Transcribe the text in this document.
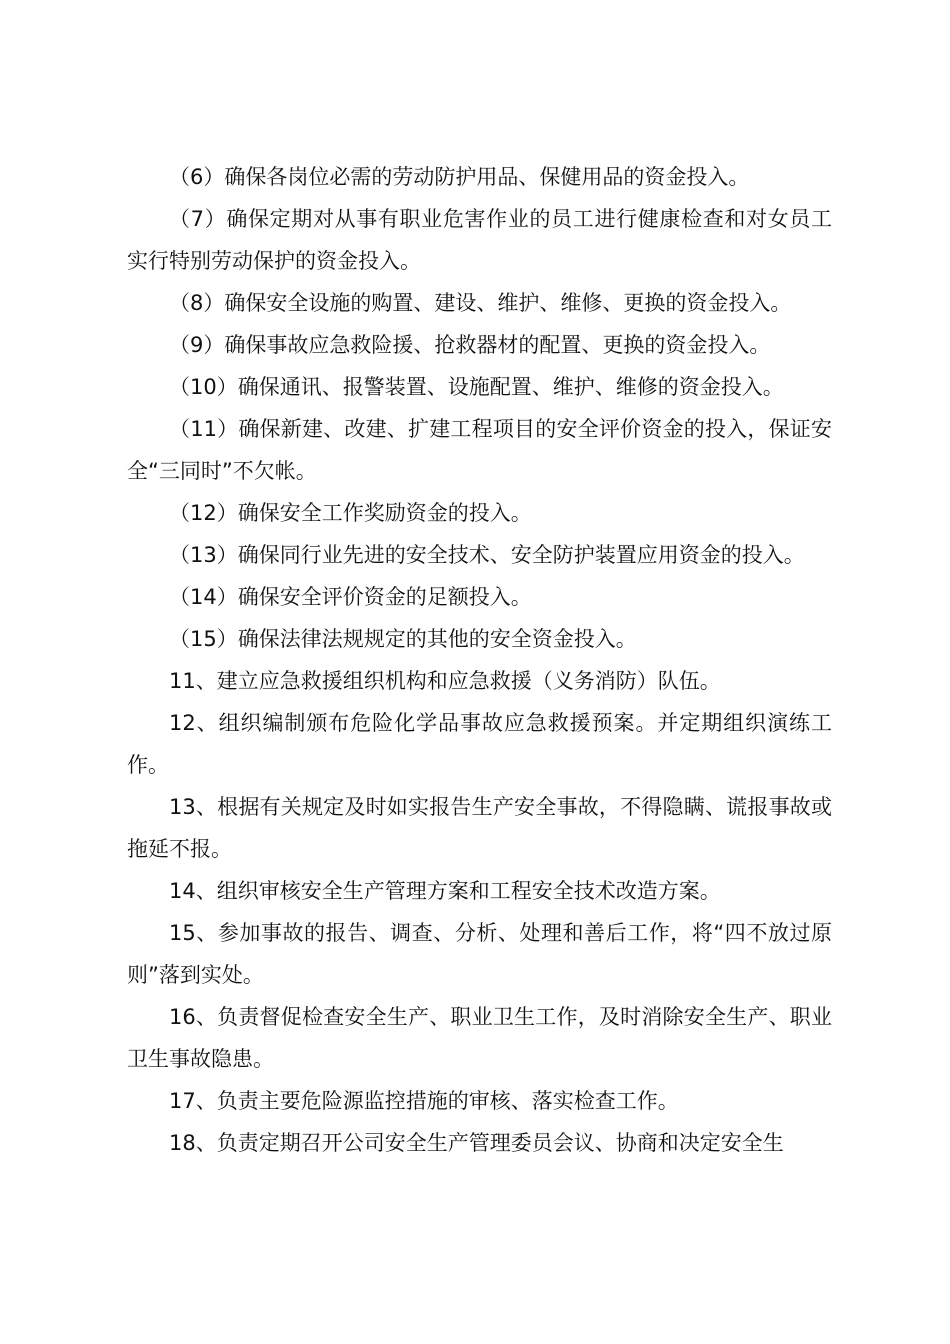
（6）确保各岗位必需的劳动防护用品、保健用品的资金投入。

（7）确保定期对从事有职业危害作业的员工进行健康检查和对女员工实行特别劳动保护的资金投入。

（8）确保安全设施的购置、建设、维护、维修、更换的资金投入。

（9）确保事故应急救险援、抢救器材的配置、更换的资金投入。

（10）确保通讯、报警装置、设施配置、维护、维修的资金投入。

（11）确保新建、改建、扩建工程项目的安全评价资金的投入，保证安全“三同时”不欠帐。

（12）确保安全工作奖励资金的投入。

（13）确保同行业先进的安全技术、安全防护装置应用资金的投入。

（14）确保安全评价资金的足额投入。

（15）确保法律法规规定的其他的安全资金投入。

11、建立应急救援组织机构和应急救援（义务消防）队伍。

12、组织编制颁布危险化学品事故应急救援预案。并定期组织演练工作。

13、根据有关规定及时如实报告生产安全事故，不得隐瞒、谎报事故或拖延不报。

14、组织审核安全生产管理方案和工程安全技术改造方案。

15、参加事故的报告、调查、分析、处理和善后工作，将“四不放过原则”落到实处。

16、负责督促检查安全生产、职业卫生工作，及时消除安全生产、职业卫生事故隐患。

17、负责主要危险源监控措施的审核、落实检查工作。

18、负责定期召开公司安全生产管理委员会议、协商和决定安全生
